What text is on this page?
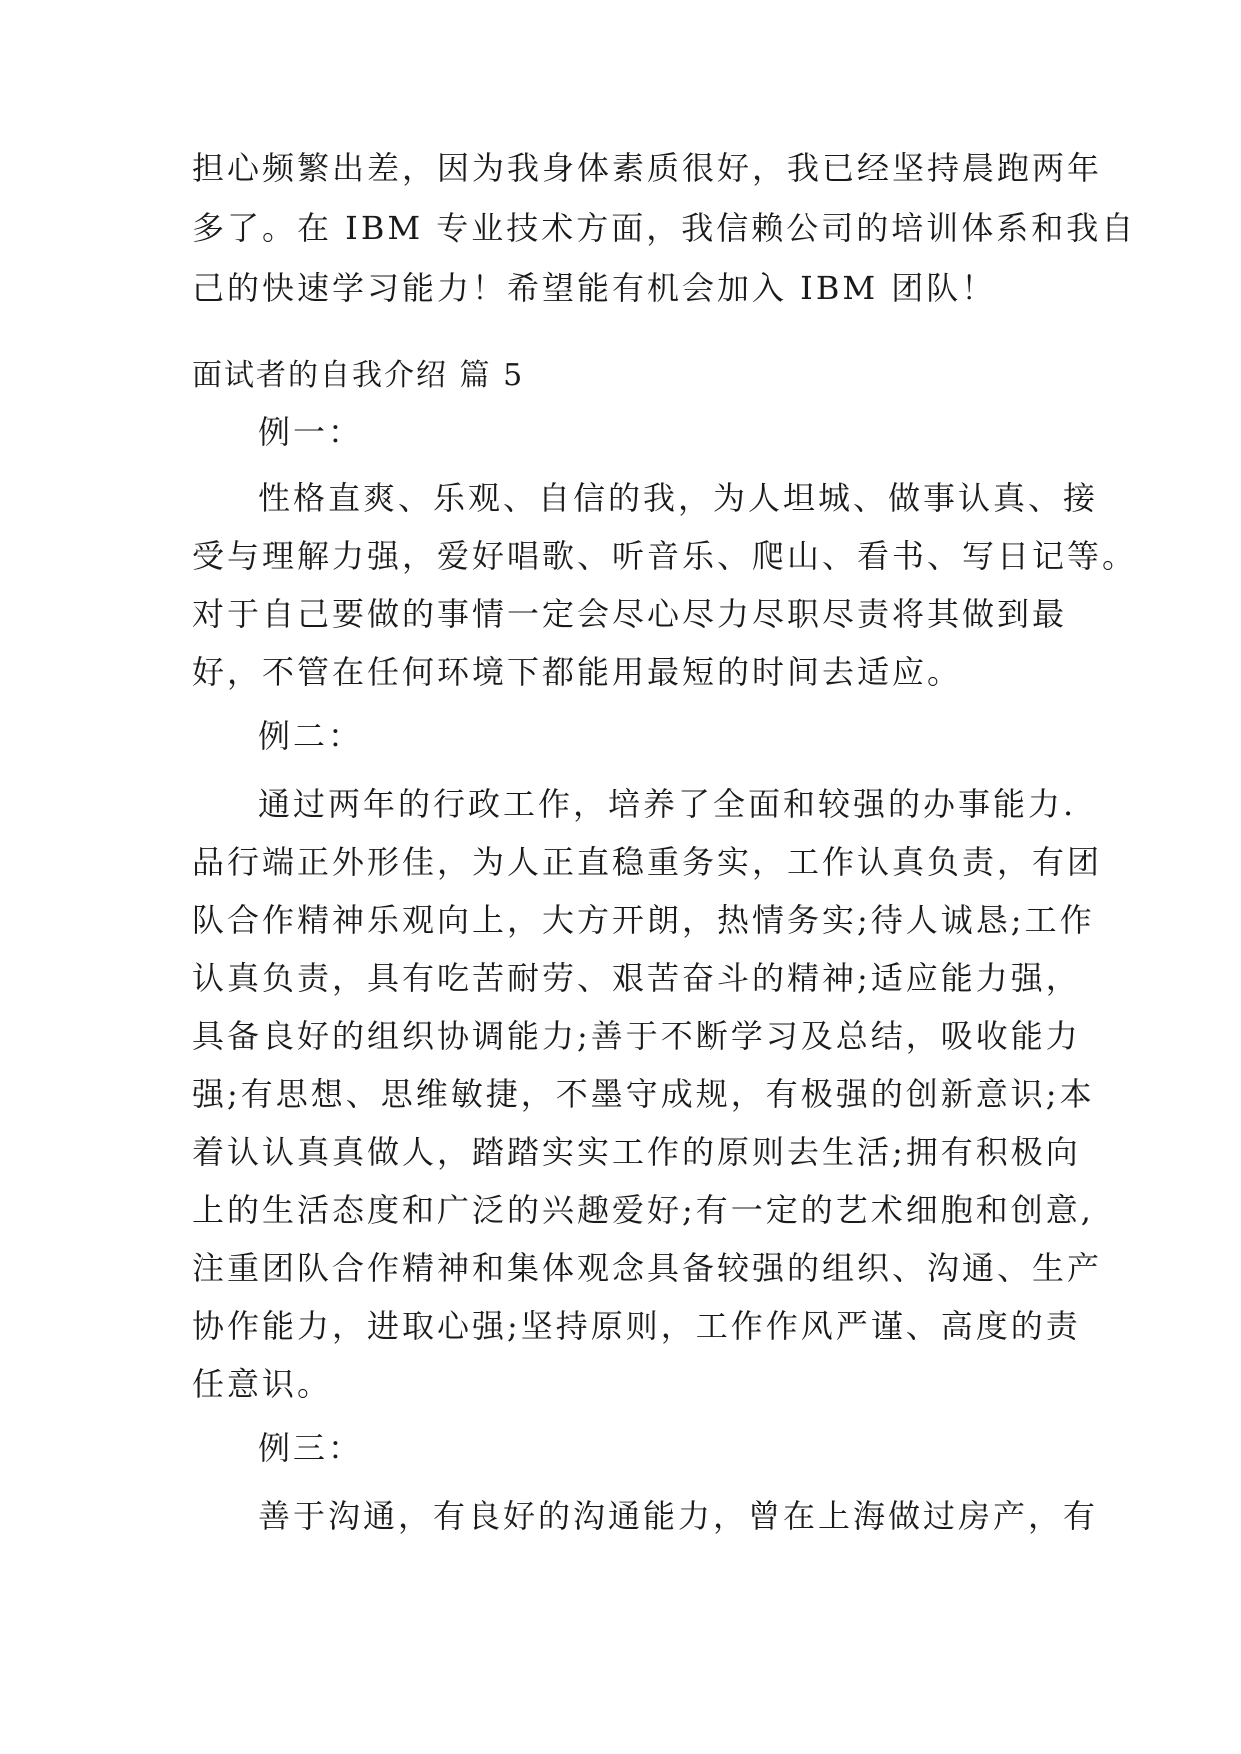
担心频繁出差，因为我身体素质很好，我已经坚持晨跑两年
多了。在 IBM 专业技术方面，我信赖公司的培训体系和我自
己的快速学习能力！希望能有机会加入 IBM 团队！
面试者的自我介绍 篇 5
例一：
性格直爽、乐观、自信的我，为人坦城、做事认真、接
受与理解力强，爱好唱歌、听音乐、爬山、看书、写日记等。
对于自己要做的事情一定会尽心尽力尽职尽责将其做到最
好，不管在任何环境下都能用最短的时间去适应。
例二：
通过两年的行政工作，培养了全面和较强的办事能力.
品行端正外形佳，为人正直稳重务实，工作认真负责，有团
队合作精神乐观向上，大方开朗，热情务实;待人诚恳;工作
认真负责，具有吃苦耐劳、艰苦奋斗的精神;适应能力强，
具备良好的组织协调能力;善于不断学习及总结，吸收能力
强;有思想、思维敏捷，不墨守成规，有极强的创新意识;本
着认认真真做人，踏踏实实工作的原则去生活;拥有积极向
上的生活态度和广泛的兴趣爱好;有一定的艺术细胞和创意,
注重团队合作精神和集体观念具备较强的组织、沟通、生产
协作能力，进取心强;坚持原则，工作作风严谨、高度的责
任意识。
例三：
善于沟通，有良好的沟通能力，曾在上海做过房产，有
